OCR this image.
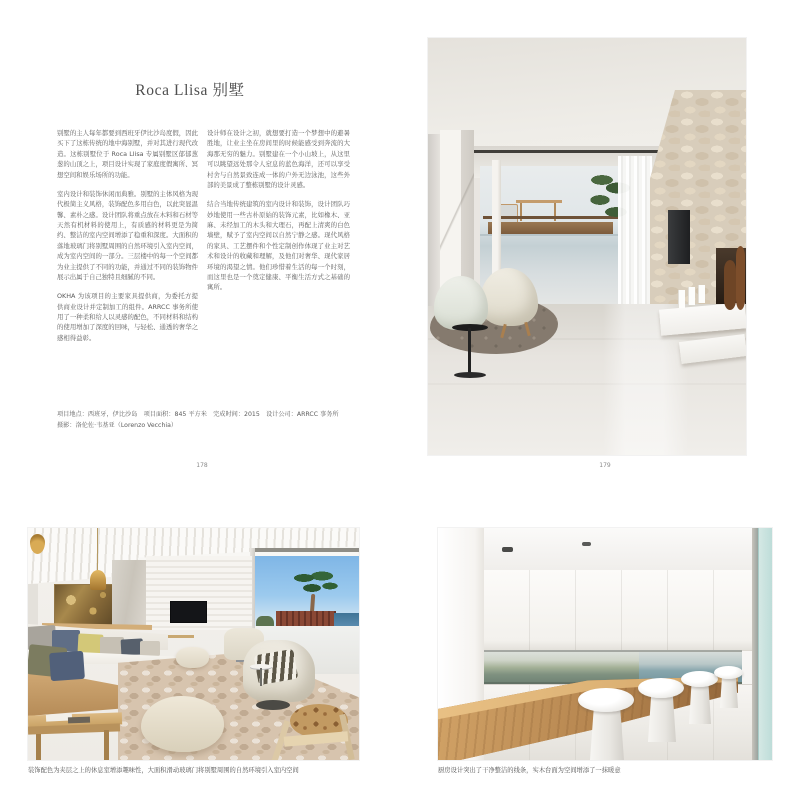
Roca Llisa 别墅

别墅的主人每年都要到西班牙伊比沙岛度假，因此买下了这栋传统的地中海别墅，并对其进行现代改造。这栋别墅位于 Roca Llisa 专属别墅区郁郁葱葱的山顶之上，项目设计实现了家庭度假寓所、冥想空间和娱乐场所的功能。

室内设计和装饰休闲而典雅。别墅的主体风格为现代极简主义风格，装饰配色多用白色，以此突显温馨、素朴之感。设计团队将重点放在木料和石材等天然有机材料的使用上，有质感的材料更是为简约、整洁的室内空间增添了稳重和深度。大面积的落地玻璃门将别墅周围的自然环境引入室内空间，成为室内空间的一部分。三层楼中的每一个空间都为业主提供了不同的功能，并通过不同的装饰物件展示出属于自己独特且细腻的不同。

OKHA 为该项目的主要家具提供商，为委托方提供商业设计并定制加工的组件。ARRCC 事务所使用了一种柔和给人以灵感的配色，不同材料和结构的使用增加了深度的回味，与轻松、通透的奢华之感相得益彰。

设计师在设计之初，就想要打造一个梦想中的避暑胜地，让业主坐在房间里的时候能感受到奔流的大海那无穷的魅力。别墅建在一个小山坡上，从这里可以眺望远处那令人窒息的蓝色海洋，还可以享受村舍与自然景致连成一体的户外无边泳池，这些外部的美景成了整栋别墅的设计灵感。

结合当地传统建筑的室内设计和装饰，设计团队巧妙地使用一些古朴原始的装饰元素，比如橡木、亚麻、未经加工的木头和大理石，再配上清爽的白色墙壁，赋予了室内空间以自然宁静之感。现代风格的家具、工艺摆件和个性定制创作体现了业主对艺术和设计的收藏和理解，及他们对奢华、现代家居环境的渴望之情。他们珍惜着生活的每一个时刻，而这里也是一个奠定健康、平衡生活方式之基础的寓所。

项目地点：西班牙，伊比沙岛　项目面积：845 平方米　完成时间：2015　设计公司：ARRCC 事务所

摄影：洛伦佐·韦基亚（Lorenzo Vecchia）

178	179
装饰配色为夹层之上的休息室增添趣味性，大面积滑动玻璃门将别墅周围的自然环境引入室内空间	厨房设计突出了干净整洁的线条，实木台面为空间增添了一抹暖意
